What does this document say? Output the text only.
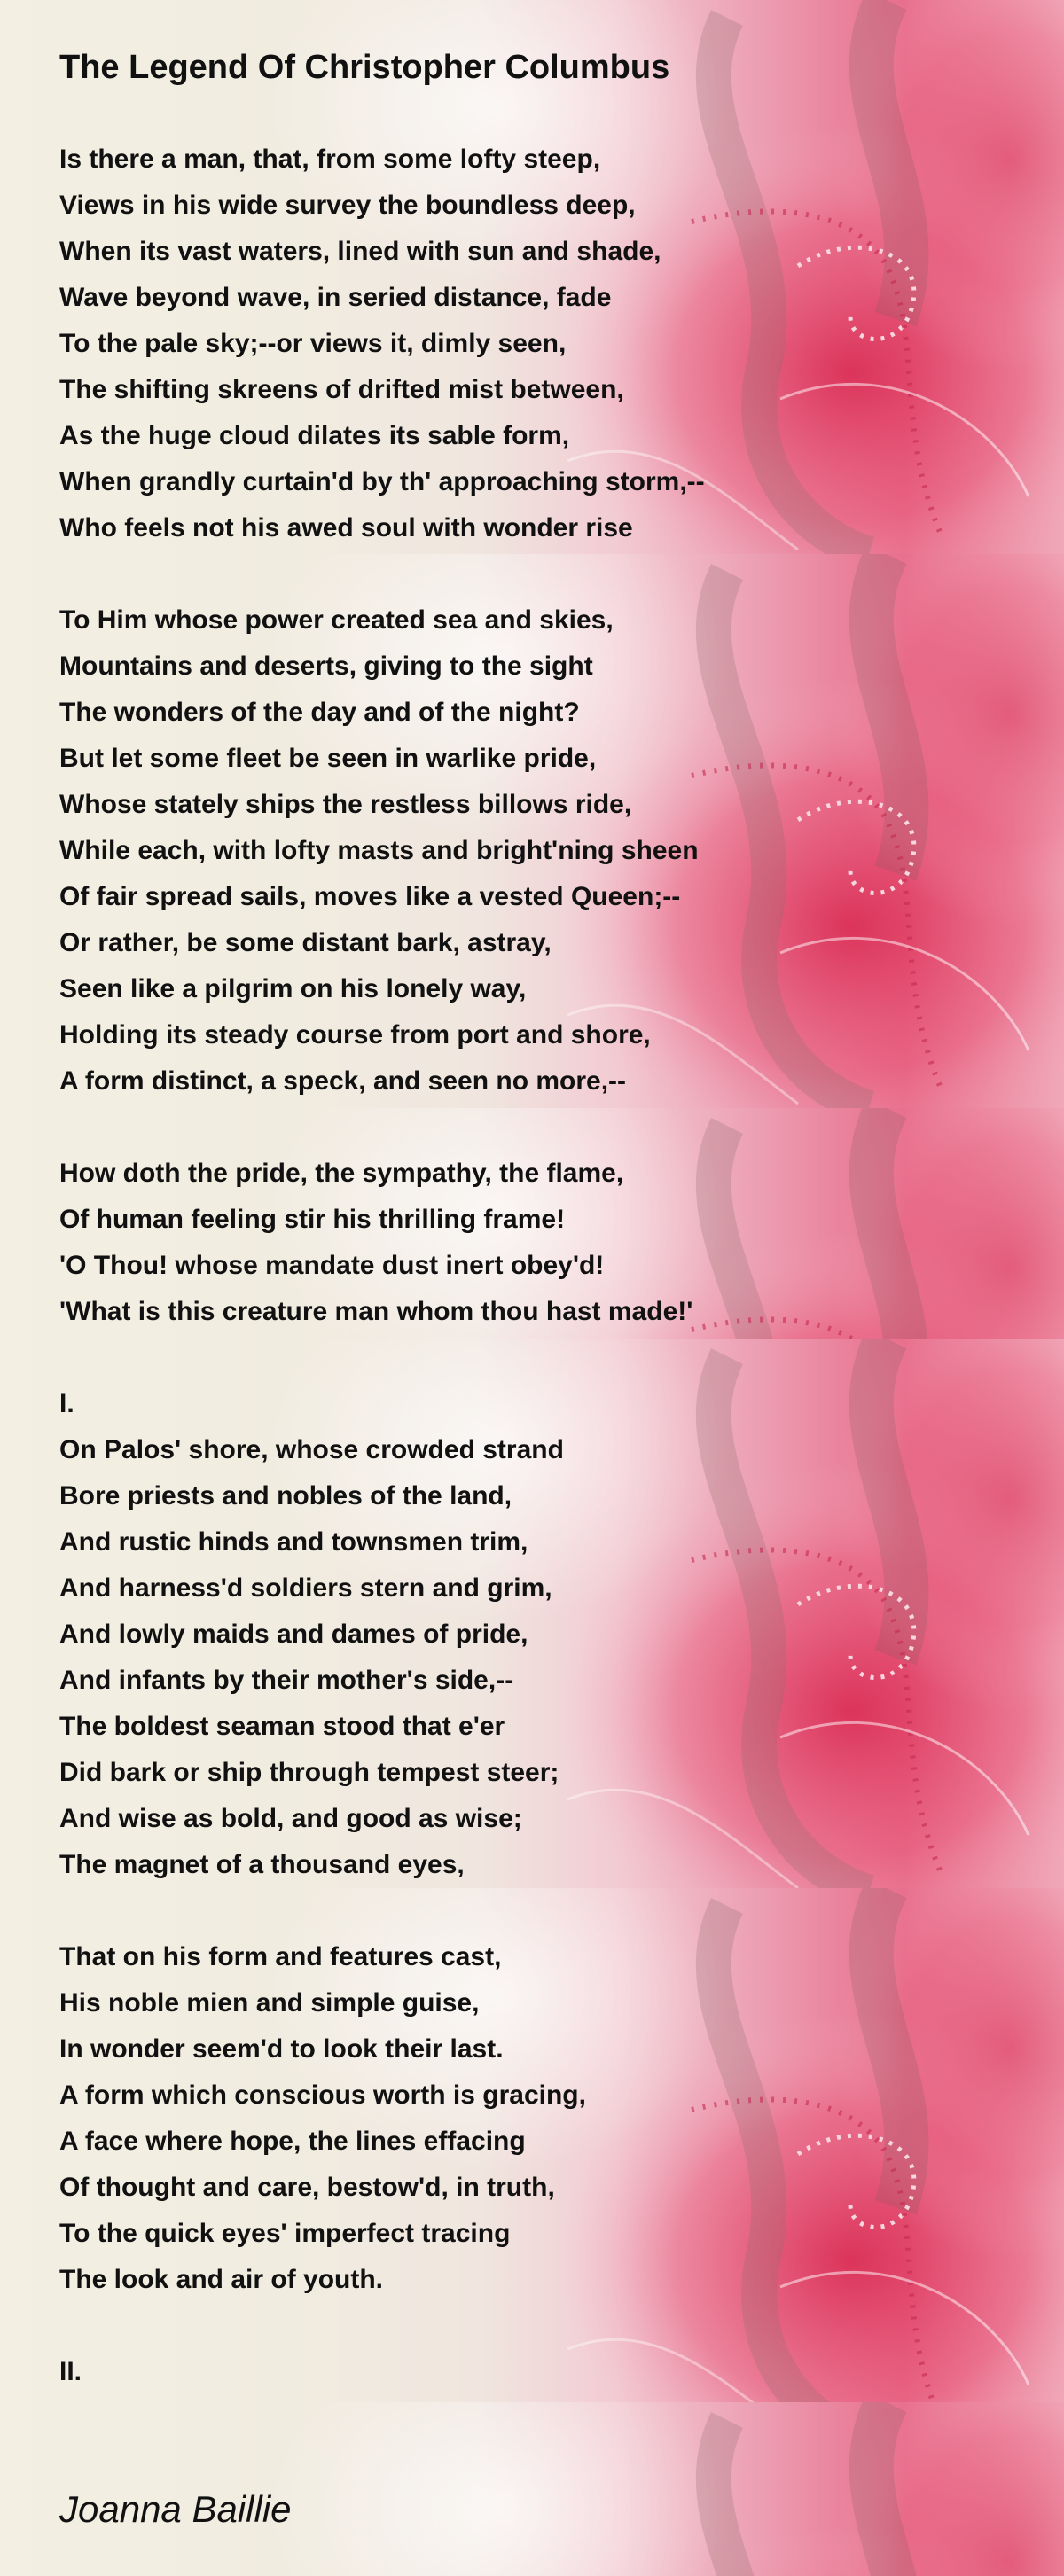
The Legend Of Christopher Columbus
Is there a man, that, from some lofty steep,
Views in his wide survey the boundless deep,
When its vast waters, lined with sun and shade,
Wave beyond wave, in seried distance, fade
To the pale sky;--or views it, dimly seen,
The shifting skreens of drifted mist between,
As the huge cloud dilates its sable form,
When grandly curtain'd by th' approaching storm,--
Who feels not his awed soul with wonder rise
To Him whose power created sea and skies,
Mountains and deserts, giving to the sight
The wonders of the day and of the night?
But let some fleet be seen in warlike pride,
Whose stately ships the restless billows ride,
While each, with lofty masts and bright'ning sheen
Of fair spread sails, moves like a vested Queen;--
Or rather, be some distant bark, astray,
Seen like a pilgrim on his lonely way,
Holding its steady course from port and shore,
A form distinct, a speck, and seen no more,--
How doth the pride, the sympathy, the flame,
Of human feeling stir his thrilling frame!
'O Thou! whose mandate dust inert obey'd!
'What is this creature man whom thou hast made!'
I.
On Palos' shore, whose crowded strand
Bore priests and nobles of the land,
And rustic hinds and townsmen trim,
And harness'd soldiers stern and grim,
And lowly maids and dames of pride,
And infants by their mother's side,--
The boldest seaman stood that e'er
Did bark or ship through tempest steer;
And wise as bold, and good as wise;
The magnet of a thousand eyes,
That on his form and features cast,
His noble mien and simple guise,
In wonder seem'd to look their last.
A form which conscious worth is gracing,
A face where hope, the lines effacing
Of thought and care, bestow'd, in truth,
To the quick eyes' imperfect tracing
The look and air of youth.
II.
Joanna Baillie
